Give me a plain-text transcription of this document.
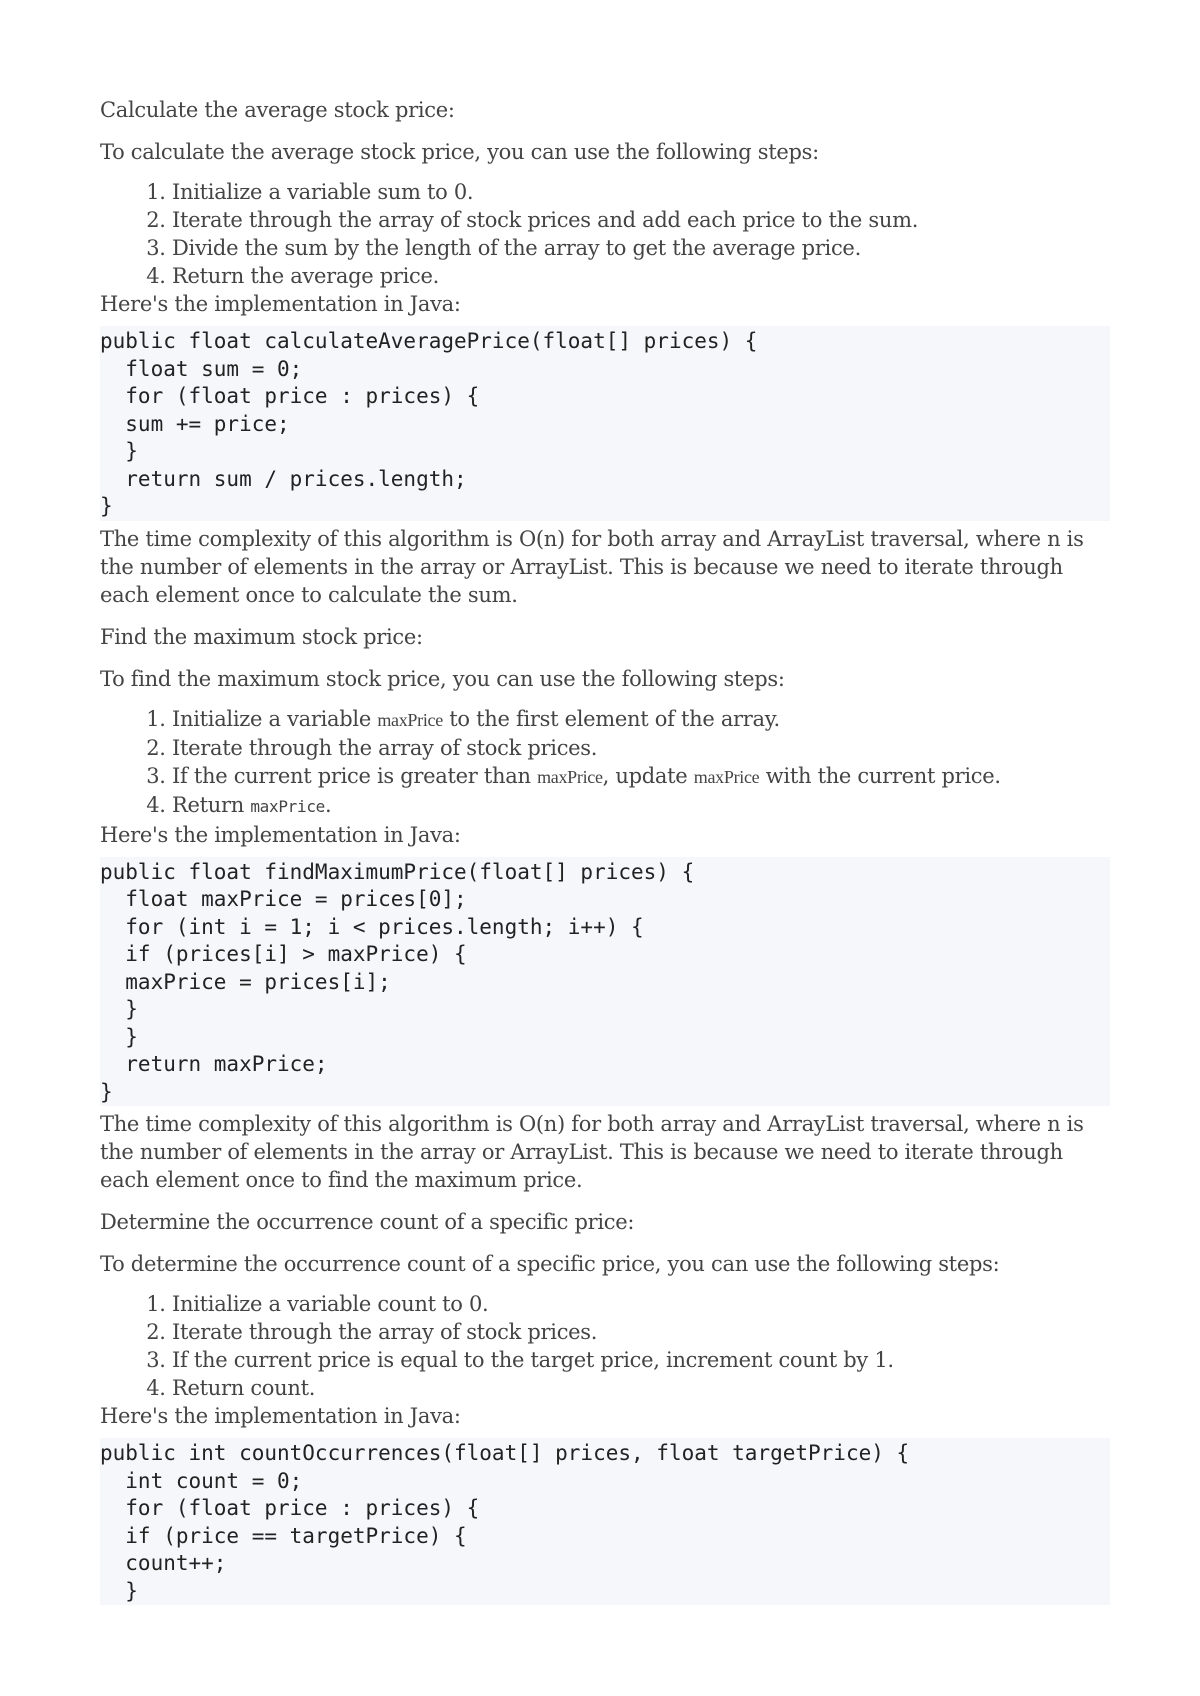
Calculate the average stock price:

To calculate the average stock price, you can use the following steps:

1. Initialize a variable sum to 0.
2. Iterate through the array of stock prices and add each price to the sum.
3. Divide the sum by the length of the array to get the average price.
4. Return the average price.

Here's the implementation in Java:

public float calculateAveragePrice(float[] prices) {
float sum = 0;
for (float price : prices) {
sum += price;
}
return sum / prices.length;
}

The time complexity of this algorithm is O(n) for both array and ArrayList traversal, where n is the number of elements in the array or ArrayList. This is because we need to iterate through each element once to calculate the sum.

Find the maximum stock price:

To find the maximum stock price, you can use the following steps:

1. Initialize a variable maxPrice to the first element of the array.
2. Iterate through the array of stock prices.
3. If the current price is greater than maxPrice, update maxPrice with the current price.
4. Return maxPrice.

Here's the implementation in Java:

public float findMaximumPrice(float[] prices) {
float maxPrice = prices[0];
for (int i = 1; i < prices.length; i++) {
if (prices[i] > maxPrice) {
maxPrice = prices[i];
}
}
return maxPrice;
}

The time complexity of this algorithm is O(n) for both array and ArrayList traversal, where n is the number of elements in the array or ArrayList. This is because we need to iterate through each element once to find the maximum price.

Determine the occurrence count of a specific price:

To determine the occurrence count of a specific price, you can use the following steps:

1. Initialize a variable count to 0.
2. Iterate through the array of stock prices.
3. If the current price is equal to the target price, increment count by 1.
4. Return count.

Here's the implementation in Java:

public int countOccurrences(float[] prices, float targetPrice) {
int count = 0;
for (float price : prices) {
if (price == targetPrice) {
count++;
}
